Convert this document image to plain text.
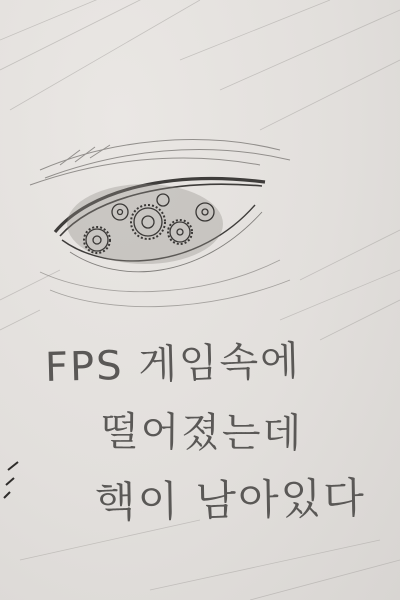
FPS 게임속에
떨어졌는데
핵이 남아있다
